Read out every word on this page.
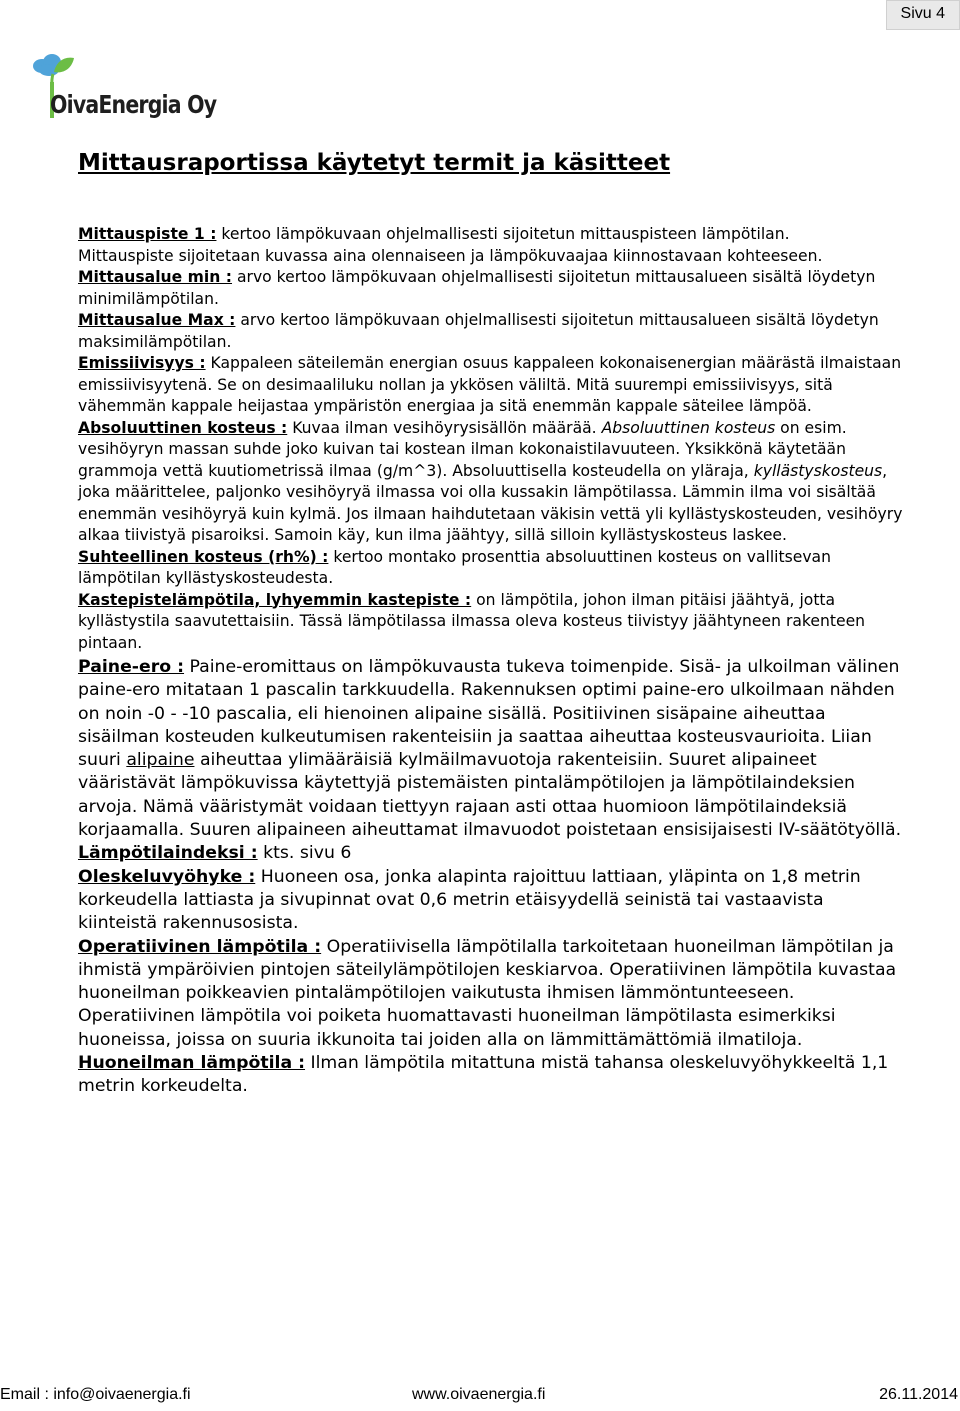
Sivu 4
OivaEnergia Oy
Mittausraportissa käytetyt termit ja käsitteet

Mittauspiste 1 : kertoo lämpökuvaan ohjelmallisesti sijoitetun mittauspisteen lämpötilan.
Mittauspiste sijoitetaan kuvassa aina olennaiseen ja lämpökuvaajaa kiinnostavaan kohteeseen.

Mittausalue min : arvo kertoo lämpökuvaan ohjelmallisesti sijoitetun mittausalueen sisältä löydetyn minimilämpötilan.

Mittausalue Max : arvo kertoo lämpökuvaan ohjelmallisesti sijoitetun mittausalueen sisältä löydetyn maksimilämpötilan.

Emissiivisyys : Kappaleen säteilemän energian osuus kappaleen kokonaisenergian määrästä ilmaistaan emissiivisyytenä. Se on desimaaliluku nollan ja ykkösen väliltä. Mitä suurempi emissiivisyys, sitä vähemmän kappale heijastaa ympäristön energiaa ja sitä enemmän kappale säteilee lämpöä.

Absoluuttinen kosteus : Kuvaa ilman vesihöyrysisällön määrää. Absoluuttinen kosteus on esim. vesihöyryn massan suhde joko kuivan tai kostean ilman kokonaistilavuuteen. Yksikkönä käytetään grammoja vettä kuutiometrissä ilmaa (g/m^3). Absoluuttisella kosteudella on yläraja, kyllästyskosteus, joka määrittelee, paljonko vesihöyryä ilmassa voi olla kussakin lämpötilassa. Lämmin ilma voi sisältää enemmän vesihöyryä kuin kylmä. Jos ilmaan haihdutetaan väkisin vettä yli kyllästyskosteuden, vesihöyry alkaa tiivistyä pisaroiksi. Samoin käy, kun ilma jäähtyy, sillä silloin kyllästyskosteus laskee.

Suhteellinen kosteus (rh%) : kertoo montako prosenttia absoluuttinen kosteus on vallitsevan lämpötilan kyllästyskosteudesta.

Kastepistelämpötila, lyhyemmin kastepiste : on lämpötila, johon ilman pitäisi jäähtyä, jotta kyllästystila saavutettaisiin. Tässä lämpötilassa ilmassa oleva kosteus tiivistyy jäähtyneen rakenteen pintaan.

Paine-ero : Paine-eromittaus on lämpökuvausta tukeva toimenpide. Sisä- ja ulkoilman välinen paine-ero mitataan 1 pascalin tarkkuudella. Rakennuksen optimi paine-ero ulkoilmaan nähden on noin -0 - -10 pascalia, eli hienoinen alipaine sisällä. Positiivinen sisäpaine aiheuttaa sisäilman kosteuden kulkeutumisen rakenteisiin ja saattaa aiheuttaa kosteusvaurioita. Liian suuri alipaine aiheuttaa ylimääräisiä kylmäilmavuotoja rakenteisiin. Suuret alipaineet vääristävät lämpökuvissa käytettyjä pistemäisten pintalämpötilojen ja lämpötilaindeksien arvoja. Nämä vääristymät voidaan tiettyyn rajaan asti ottaa huomioon lämpötilaindeksiä korjaamalla. Suuren alipaineen aiheuttamat ilmavuodot poistetaan ensisijaisesti IV-säätötyöllä.

Lämpötilaindeksi : kts. sivu 6

Oleskeluvyöhyke : Huoneen osa, jonka alapinta rajoittuu lattiaan, yläpinta on 1,8 metrin korkeudella lattiasta ja sivupinnat ovat 0,6 metrin etäisyydellä seinistä tai vastaavista kiinteistä rakennusosista.

Operatiivinen lämpötila : Operatiivisella lämpötilalla tarkoitetaan huoneilman lämpötilan ja ihmistä ympäröivien pintojen säteilylämpötilojen keskiarvoa. Operatiivinen lämpötila kuvastaa huoneilman poikkeavien pintalämpötilojen vaikutusta ihmisen lämmöntunteeseen. Operatiivinen lämpötila voi poiketa huomattavasti huoneilman lämpötilasta esimerkiksi huoneissa, joissa on suuria ikkunoita tai joiden alla on lämmittämättömiä ilmatiloja.

Huoneilman lämpötila : Ilman lämpötila mitattuna mistä tahansa oleskeluvyöhykkeeltä 1,1 metrin korkeudelta.

Email : info@oivaenergia.fi	www.oivaenergia.fi	26.11.2014
